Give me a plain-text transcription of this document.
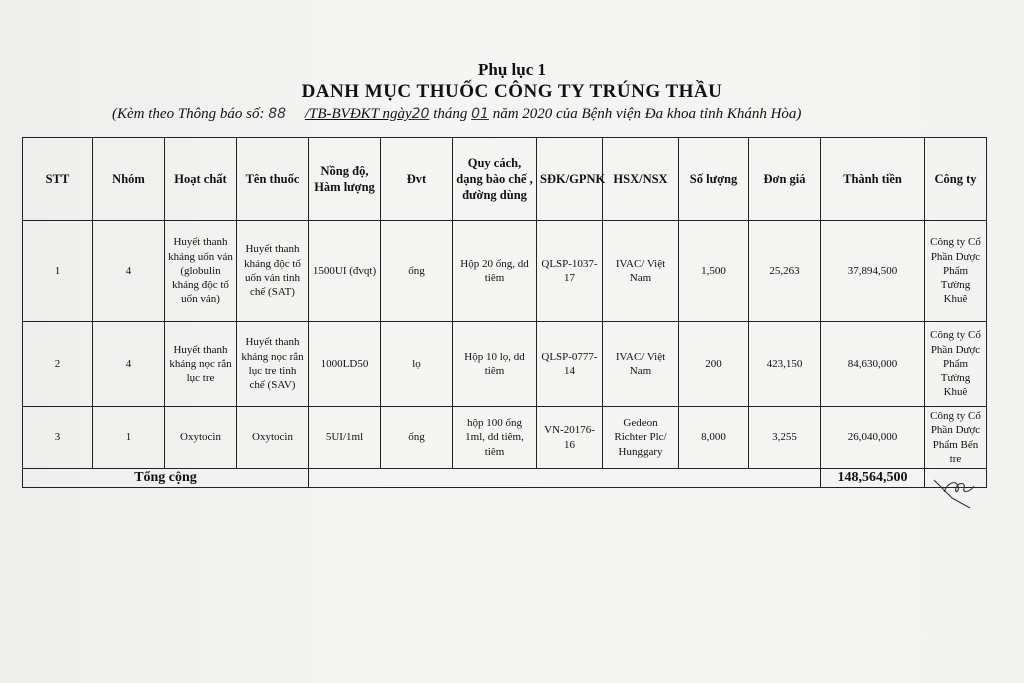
Phụ lục 1
DANH MỤC THUỐC CÔNG TY TRÚNG THẦU
(Kèm theo Thông báo số: 88 /TB-BVĐKT ngày20 tháng 01 năm 2020 của Bệnh viện Đa khoa tỉnh Khánh Hòa)
STT	Nhóm	Hoạt chất	Tên thuốc	Nồng độ, Hàm lượng	Đvt	Quy cách, dạng bào chế , đường dùng	SĐK/GPNK	HSX/NSX	Số lượng	Đơn giá	Thành tiền	Công ty
1	4	Huyết thanh kháng uốn ván (globulin kháng độc tố uốn ván)	Huyết thanh kháng độc tố uốn ván tinh chế (SAT)	1500UI (đvqt)	ống	Hộp 20 ống, dd tiêm	QLSP-1037-17	IVAC/ Việt Nam	1,500	25,263	37,894,500	Công ty Cổ Phần Dược Phẩm Tường Khuê
2	4	Huyết thanh kháng nọc rắn lục tre	Huyết thanh kháng nọc rắn lục tre tinh chế (SAV)	1000LD50	lọ	Hộp 10 lọ, dd tiêm	QLSP-0777-14	IVAC/ Việt Nam	200	423,150	84,630,000	Công ty Cổ Phần Dược Phẩm Tường Khuê
3	1	Oxytocin	Oxytocin	5UI/1ml	ống	hộp 100 ống 1ml, dd tiêm, tiêm	VN-20176-16	Gedeon Richter Plc/ Hunggary	8,000	3,255	26,040,000	Công ty Cổ Phần Dược Phẩm Bến tre
Tổng cộng											148,564,500	
